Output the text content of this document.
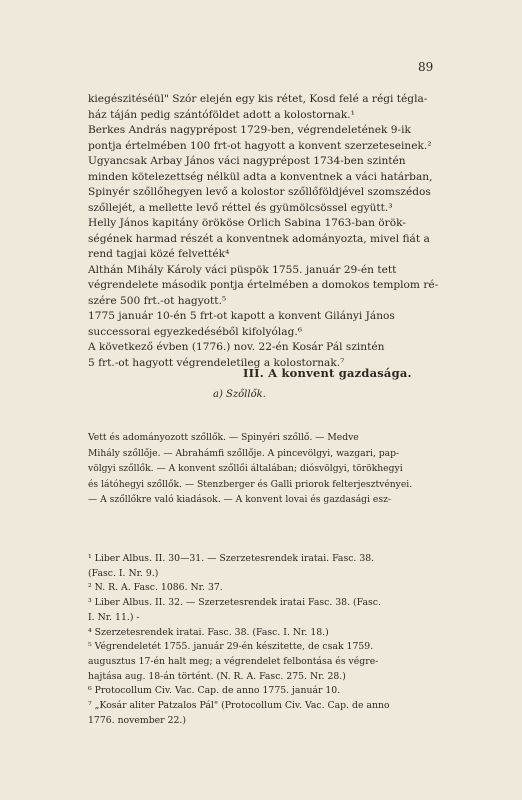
89
kiegészitéséül" Szór elején egy kis rétet, Kosd felé a régi tégla-
ház táján pedig szántóföldet adott a kolostornak.¹
Berkes András nagyprépost 1729-ben, végrendeletének 9-ik
pontja értelmében 100 frt-ot hagyott a konvent szerzeteseinek.²
Ugyancsak Arbay János váci nagyprépost 1734-ben szintén
minden kötelezettség nélkül adta a konventnek a váci határban,
Spinyér szőllőhegyen levő a kolostor szőllőföldjével szomszédos
szőllejét, a mellette levő réttel és gyümölcsössel együtt.³
Helly János kapitány örököse Orlich Sabina 1763-ban örök-
ségének harmad részét a konventnek adományozta, mivel fiát a
rend tagjai közé felvették⁴
Althán Mihály Károly váci püspök 1755. január 29-én tett
végrendelete második pontja értelmében a domokos templom ré-
szére 500 frt.-ot hagyott.⁵
1775 január 10-én 5 frt-ot kapott a konvent Gilányi János
successorai egyezkedéséből kifolyólag.⁶
A következő évben (1776.) nov. 22-én Kosár Pál szintén
5 frt.-ot hagyott végrendeletileg a kolostornak.⁷
III. A konvent gazdasága.
a) Szőllők.
Vett és adományozott szőllők. — Spinyéri szőllő. — Medve
Mihály szőllője. — Abrahámfi szőllője. A pincevölgyi, wazgari, pap-
völgyi szőllők. — A konvent szőllői általában; diósvölgyi, törökhegyi
és látóhegyi szőllők. — Stenzberger és Galli priorok felterjesztvényei.
— A szőllőkre való kiadások. — A konvent lovai és gazdasági esz-
¹ Liber Albus. II. 30—31. — Szerzetesrendek iratai. Fasc. 38.
(Fasc. I. Nr. 9.)
² N. R. A. Fasc. 1086. Nr. 37.
³ Liber Albus. II. 32. — Szerzetesrendek iratai Fasc. 38. (Fasc.
I. Nr. 11.) -
⁴ Szerzetesrendek iratai. Fasc. 38. (Fasc. I. Nr. 18.)
⁵ Végrendeletét 1755. január 29-én készitette, de csak 1759.
augusztus 17-én halt meg; a végrendelet felbontása és végre-
hajtása aug. 18-án történt. (N. R. A. Fasc. 275. Nr. 28.)
⁶ Protocollum Civ. Vac. Cap. de anno 1775. január 10.
⁷ „Kosár aliter Patzalos Pál" (Protocollum Civ. Vac. Cap. de anno
1776. november 22.)
